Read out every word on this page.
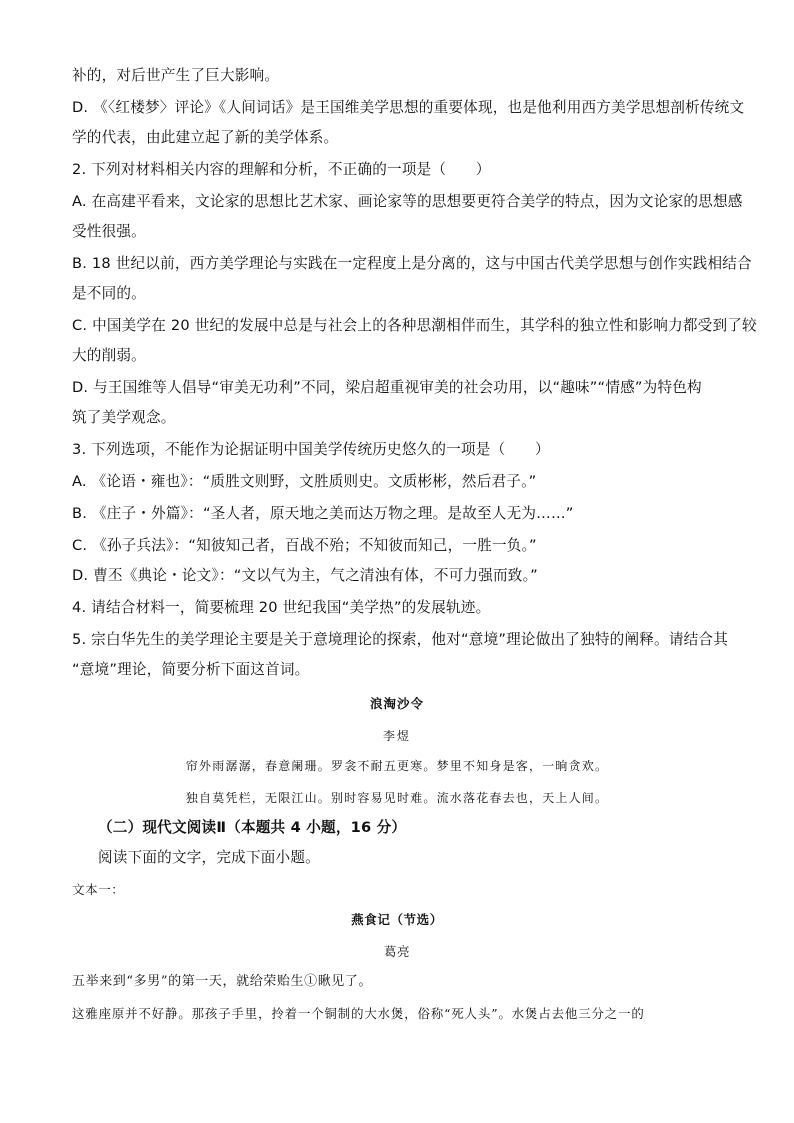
补的，对后世产生了巨大影响。
D. 《〈红楼梦〉评论》《人间词话》是王国维美学思想的重要体现，也是他利用西方美学思想剖析传统文
学的代表，由此建立起了新的美学体系。
2. 下列对材料相关内容的理解和分析，不正确的一项是（　　）
A. 在高建平看来，文论家的思想比艺术家、画论家等的思想要更符合美学的特点，因为文论家的思想感
受性很强。
B. 18 世纪以前，西方美学理论与实践在一定程度上是分离的，这与中国古代美学思想与创作实践相结合
是不同的。
C. 中国美学在 20 世纪的发展中总是与社会上的各种思潮相伴而生，其学科的独立性和影响力都受到了较
大的削弱。
D. 与王国维等人倡导“审美无功利”不同，梁启超重视审美的社会功用，以“趣味”“情感”为特色构
筑了美学观念。
3. 下列选项，不能作为论据证明中国美学传统历史悠久的一项是（　　）
A. 《论语・雍也》：“质胜文则野，文胜质则史。文质彬彬，然后君子。”
B. 《庄子・外篇》：“圣人者，原天地之美而达万物之理。是故至人无为……”
C. 《孙子兵法》：“知彼知己者，百战不殆；不知彼而知己，一胜一负。”
D. 曹丕《典论・论文》：“文以气为主，气之清浊有体，不可力强而致。”
4. 请结合材料一，简要梳理 20 世纪我国“美学热”的发展轨迹。
5. 宗白华先生的美学理论主要是关于意境理论的探索，他对“意境”理论做出了独特的阐释。请结合其
“意境”理论，简要分析下面这首词。
浪淘沙令
李煜
帘外雨潺潺，春意阑珊。罗衾不耐五更寒。梦里不知身是客，一晌贪欢。
独自莫凭栏，无限江山。别时容易见时难。流水落花春去也，天上人间。
（二）现代文阅读Ⅱ（本题共 4 小题，16 分）
阅读下面的文字，完成下面小题。
文本一：
燕食记（节选）
葛亮
五举来到“多男”的第一天，就给荣贻生①瞅见了。
这雅座原并不好静。那孩子手里，拎着一个铜制的大水煲，俗称“死人头”。水煲占去他三分之一的
